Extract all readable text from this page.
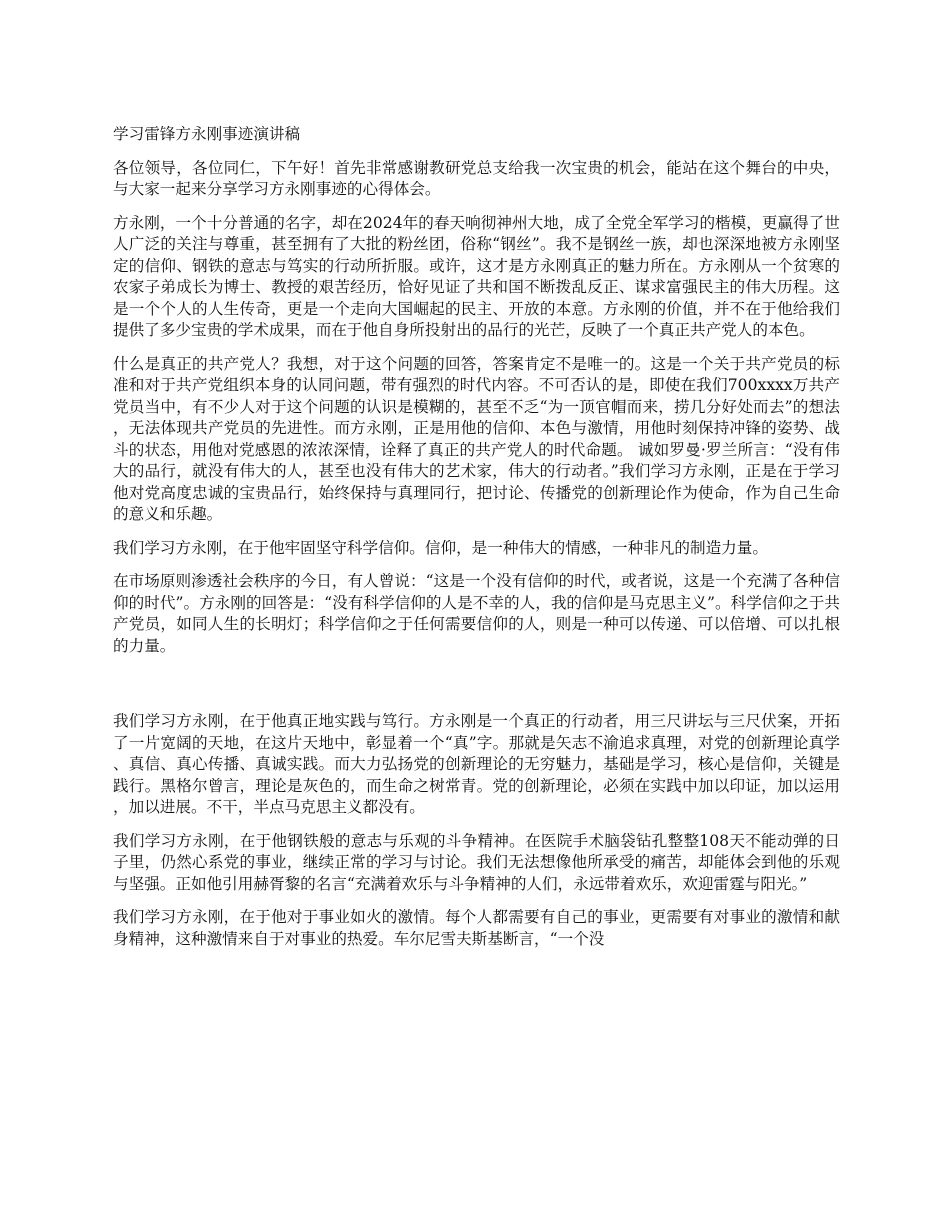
学习雷锋方永刚事迹演讲稿

各位领导，各位同仁，下午好！首先非常感谢教研党总支给我一次宝贵的机会，能站在这个舞台的中央，与大家一起来分享学习方永刚事迹的心得体会。

方永刚，一个十分普通的名字，却在2024年的春天响彻神州大地，成了全党全军学习的楷模，更赢得了世人广泛的关注与尊重，甚至拥有了大批的粉丝团，俗称“钢丝”。我不是钢丝一族，却也深深地被方永刚坚定的信仰、钢铁的意志与笃实的行动所折服。或许，这才是方永刚真正的魅力所在。方永刚从一个贫寒的农家子弟成长为博士、教授的艰苦经历，恰好见证了共和国不断拨乱反正、谋求富强民主的伟大历程。这是一个个人的人生传奇，更是一个走向大国崛起的民主、开放的本意。方永刚的价值，并不在于他给我们提供了多少宝贵的学术成果，而在于他自身所投射出的品行的光芒，反映了一个真正共产党人的本色。

什么是真正的共产党人？我想，对于这个问题的回答，答案肯定不是唯一的。这是一个关于共产党员的标准和对于共产党组织本身的认同问题，带有强烈的时代内容。不可否认的是，即使在我们700xxxx万共产党员当中，有不少人对于这个问题的认识是模糊的，甚至不乏“为一顶官帽而来，捞几分好处而去”的想法，无法体现共产党员的先进性。而方永刚，正是用他的信仰、本色与激情，用他时刻保持冲锋的姿势、战斗的状态，用他对党感恩的浓浓深情，诠释了真正的共产党人的时代命题。 诚如罗曼·罗兰所言：“没有伟大的品行，就没有伟大的人，甚至也没有伟大的艺术家，伟大的行动者。”我们学习方永刚，正是在于学习他对党高度忠诚的宝贵品行，始终保持与真理同行，把讨论、传播党的创新理论作为使命，作为自己生命的意义和乐趣。

我们学习方永刚，在于他牢固坚守科学信仰。信仰，是一种伟大的情感，一种非凡的制造力量。

在市场原则渗透社会秩序的今日，有人曾说：“这是一个没有信仰的时代，或者说，这是一个充满了各种信仰的时代”。方永刚的回答是：“没有科学信仰的人是不幸的人，我的信仰是马克思主义”。科学信仰之于共产党员，如同人生的长明灯；科学信仰之于任何需要信仰的人，则是一种可以传递、可以倍增、可以扎根的力量。

我们学习方永刚，在于他真正地实践与笃行。方永刚是一个真正的行动者，用三尺讲坛与三尺伏案，开拓了一片宽阔的天地，在这片天地中，彰显着一个“真”字。那就是矢志不渝追求真理，对党的创新理论真学、真信、真心传播、真诚实践。而大力弘扬党的创新理论的无穷魅力，基础是学习，核心是信仰，关键是践行。黑格尔曾言，理论是灰色的，而生命之树常青。党的创新理论，必须在实践中加以印证，加以运用，加以进展。不干，半点马克思主义都没有。

我们学习方永刚，在于他钢铁般的意志与乐观的斗争精神。在医院手术脑袋钻孔整整108天不能动弹的日子里，仍然心系党的事业，继续正常的学习与讨论。我们无法想像他所承受的痛苦，却能体会到他的乐观与坚强。正如他引用赫胥黎的名言“充满着欢乐与斗争精神的人们，永远带着欢乐，欢迎雷霆与阳光。”

我们学习方永刚，在于他对于事业如火的激情。每个人都需要有自己的事业，更需要有对事业的激情和献身精神，这种激情来自于对事业的热爱。车尔尼雪夫斯基断言，“一个没
